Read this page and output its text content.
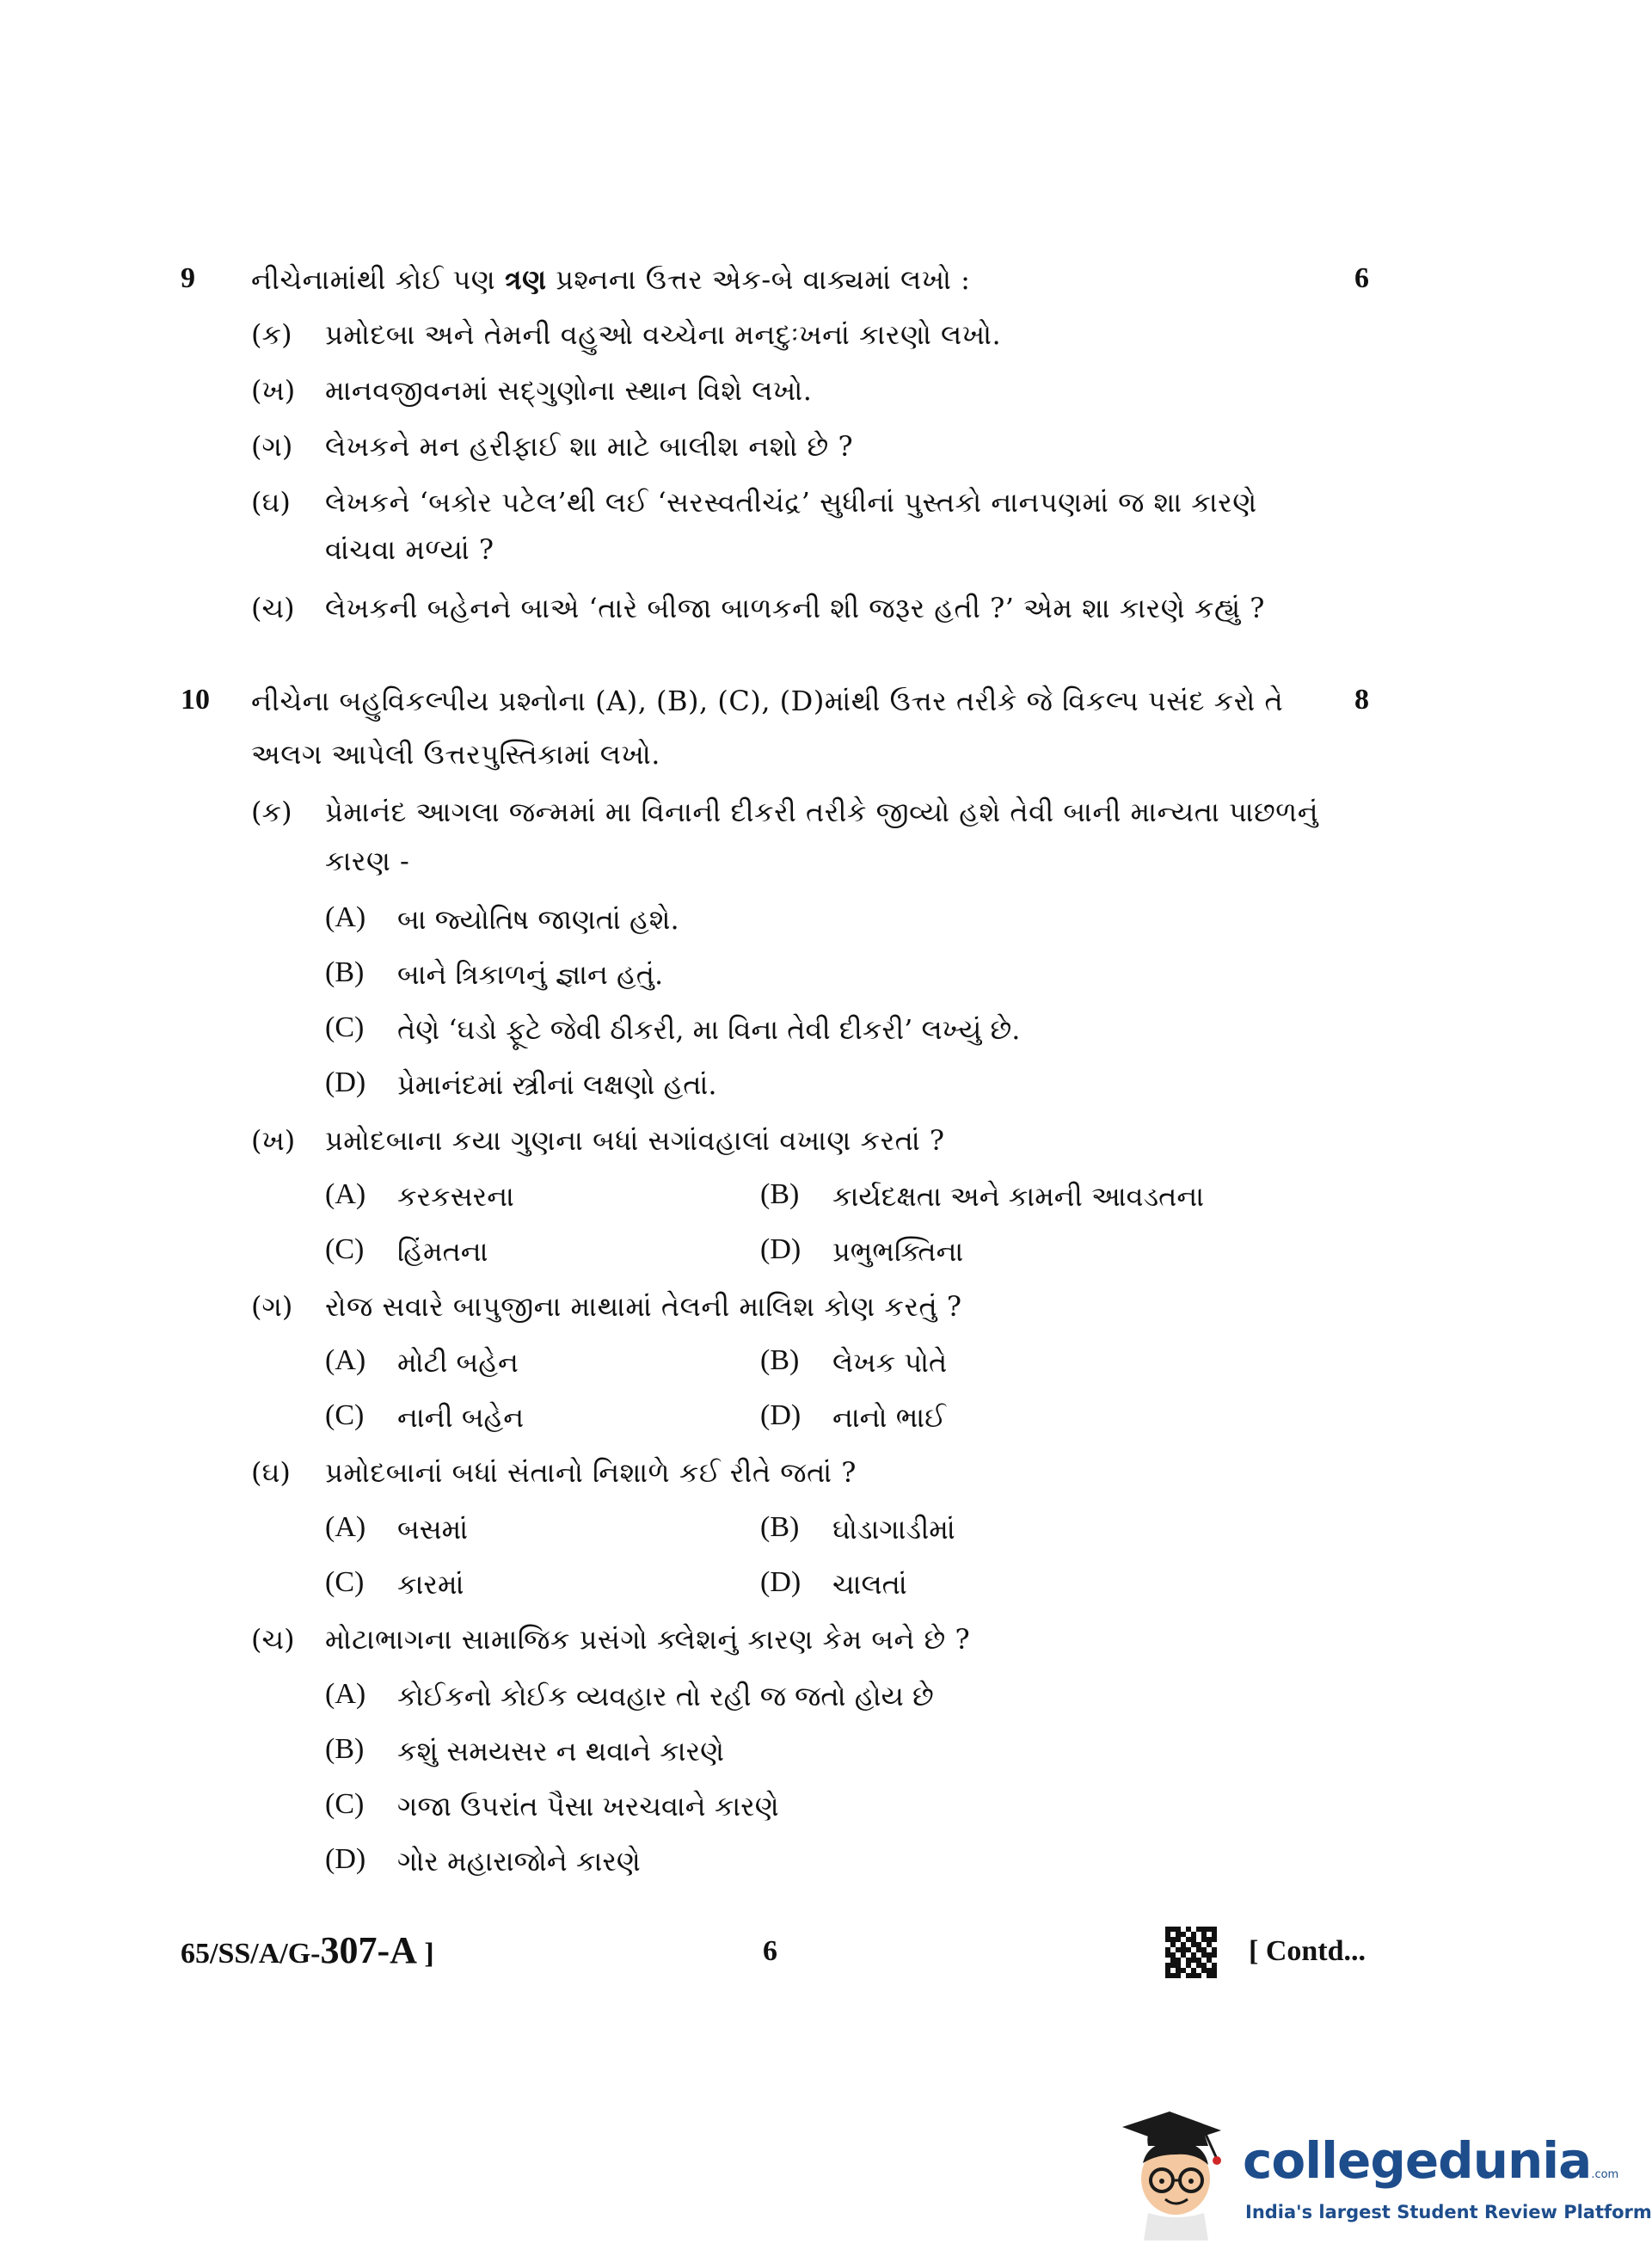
9 નીચેનામાંથી કોઈ પણ ત્રણ પ્રશ્નના ઉત્તર એક-બે વાક્યમાં લખો :	6
(ક) પ્રમોદબા અને તેમની વહુઓ વચ્ચેના મનદુઃખનાં કારણો લખો.
(ખ) માનવજીવનમાં સદ્‌ગુણોના સ્થાન વિશે લખો.
(ગ) લેખકને મન હરીફાઈ શા માટે બાલીશ નશો છે ?
(ઘ) લેખકને ‘બકોર પટેલ’થી લઈ ‘સરસ્વતીચંદ્ર’ સુધીનાં પુસ્તકો નાનપણમાં જ શા કારણે
વાંચવા મળ્યાં ?
(ચ) લેખકની બહેનને બાએ ‘તારે બીજા બાળકની શી જરૂર હતી ?’ એમ શા કારણે કહ્યું ?
10 નીચેના બહુવિકલ્પીય પ્રશ્નોના (A), (B), (C), (D)માંથી ઉત્તર તરીકે જે વિકલ્પ પસંદ કરો તે 8
અલગ આપેલી ઉત્તરપુસ્તિકામાં લખો.
(ક) પ્રેમાનંદ આગલા જન્મમાં મા વિનાની દીકરી તરીકે જીવ્યો હશે તેવી બાની માન્યતા પાછળનું
કારણ -
(A) બા જ્યોતિષ જાણતાં હશે.
(B) બાને ત્રિકાળનું જ્ઞાન હતું.
(C) તેણે ‘ઘડો ફૂટે જેવી ઠીકરી, મા વિના તેવી દીકરી’ લખ્યું છે.
(D) પ્રેમાનંદમાં સ્ત્રીનાં લક્ષણો હતાં.
(ખ) પ્રમોદબાના કયા ગુણના બધાં સગાંવહાલાં વખાણ કરતાં ?
(A) કરકસરના	(B) કાર્યદક્ષતા અને કામની આવડતના
(C) હિંમતના	(D) પ્રભુભક્તિના
(ગ) રોજ સવારે બાપુજીના માથામાં તેલની માલિશ કોણ કરતું ?
(A) મોટી બહેન	(B) લેખક પોતે
(C) નાની બહેન	(D) નાનો ભાઈ
(ઘ) પ્રમોદબાનાં બધાં સંતાનો નિશાળે કઈ રીતે જતાં ?
(A) બસમાં	(B) ઘોડાગાડીમાં
(C) કારમાં	(D) ચાલતાં
(ચ) મોટાભાગના સામાજિક પ્રસંગો ક્લેશનું કારણ કેમ બને છે ?
(A) કોઈકનો કોઈક વ્યવહાર તો રહી જ જતો હોય છે
(B) કશું સમયસર ન થવાને કારણે
(C) ગજા ઉપરાંત પૈસા ખરચવાને કારણે
(D) ગોર મહારાજોને કારણે
65/SS/A/G-307-A ]	6	[ Contd...
collegedunia.com
India's largest Student Review Platform
